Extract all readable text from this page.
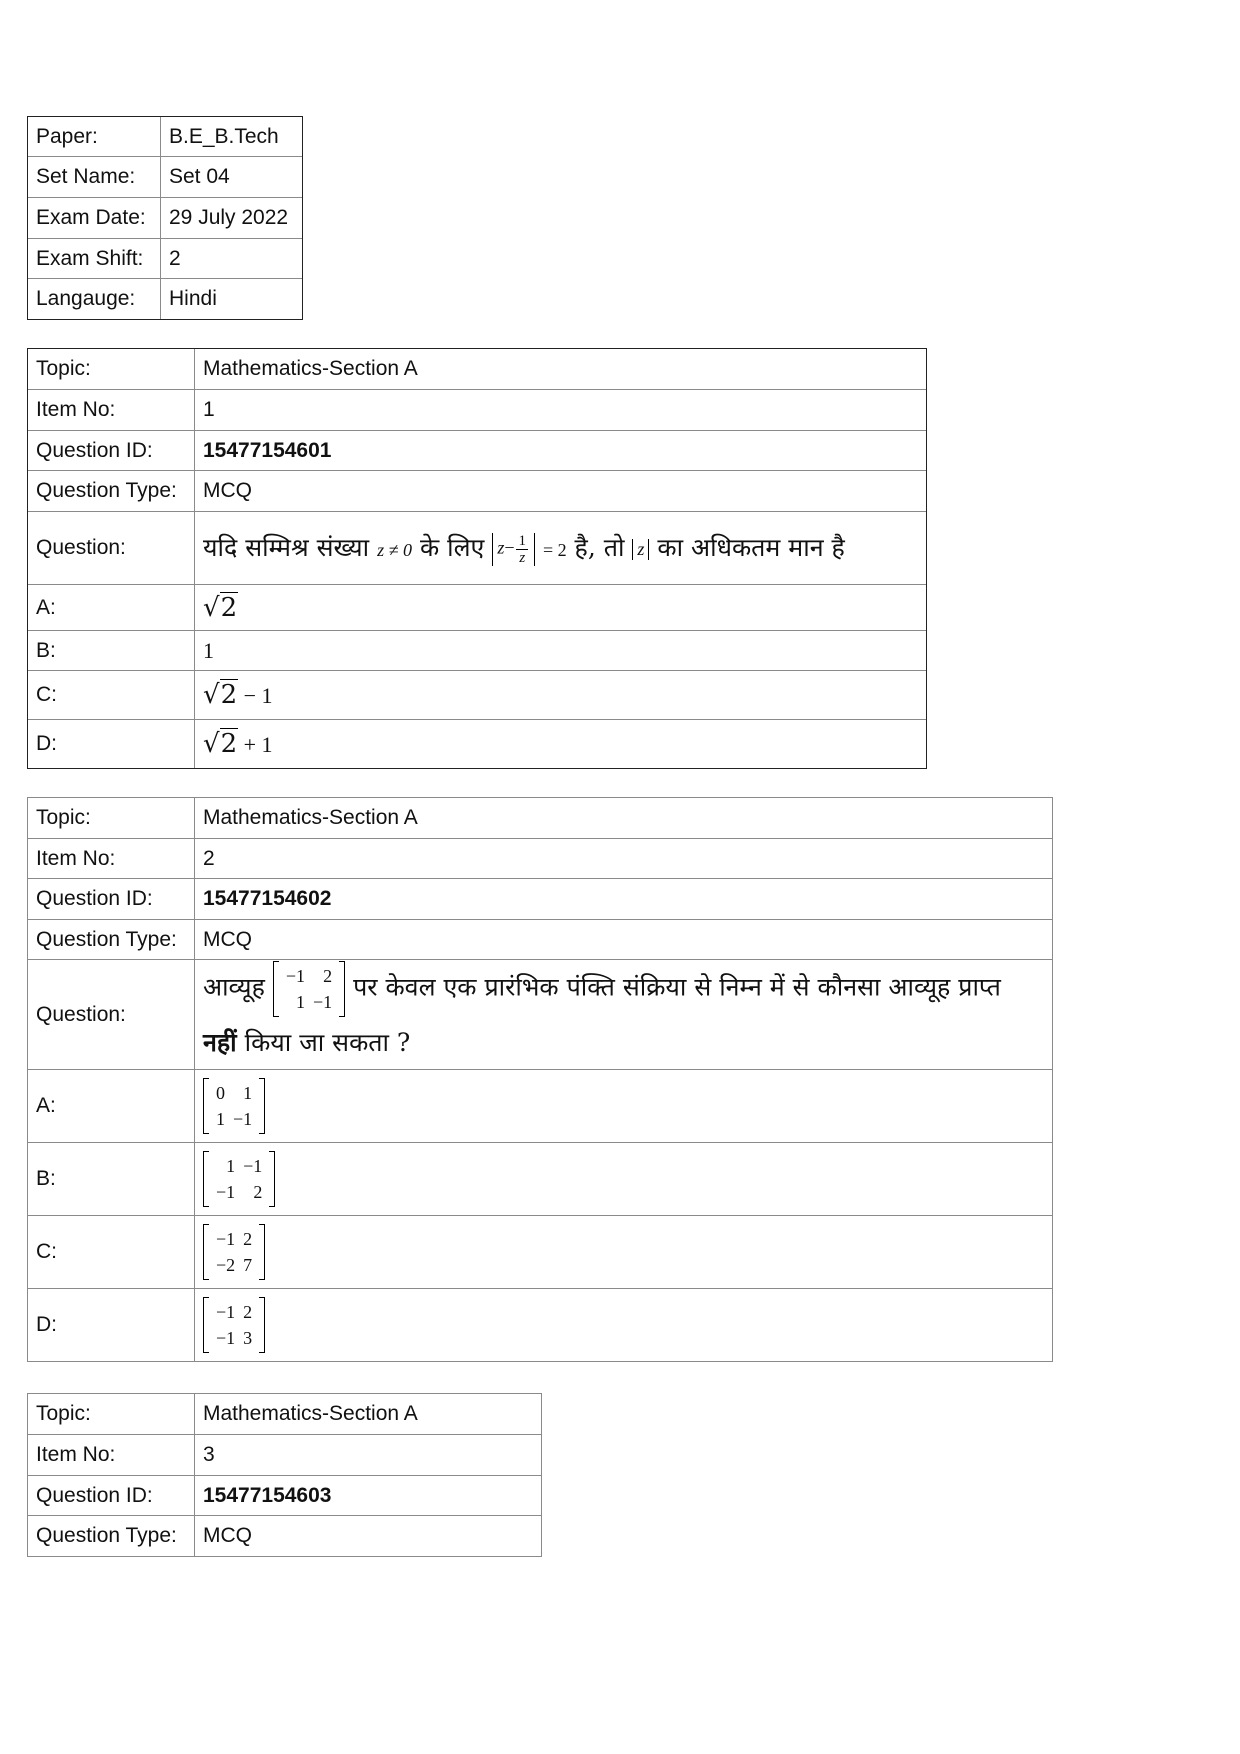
Paper:	B.E_B.Tech
Set Name:	Set 04
Exam Date:	29 July 2022
Exam Shift:	2
Langauge:	Hindi
Topic:	Mathematics-Section A
Item No:	1
Question ID:	15477154601
Question Type:	MCQ
Question:	यदि सम्मिश्र संख्या z ≠ 0 के लिए $z- \frac{1}{z} = 2$ है, तो z का अधिकतम मान है
A:	√2
B:	1
C:	√2 − 1
D:	√2 + 1
Topic:	Mathematics-Section A
Item No:	2
Question ID:	15477154602
Question Type:	MCQ
Question:	आव्यूह −1	2
1	−1
पर केवल एक प्रारंभिक पंक्ति संक्रिया से निम्न में से कौनसा आव्यूह प्राप्त
नहीं किया जा सकता ?
A:	
0	1
1	−1

B:	
1	−1
−1	2

C:	
−1	2
−2	7

D:	
−1	2
−1	3
Topic:	Mathematics-Section A
Item No:	3
Question ID:	15477154603
Question Type:	MCQ
